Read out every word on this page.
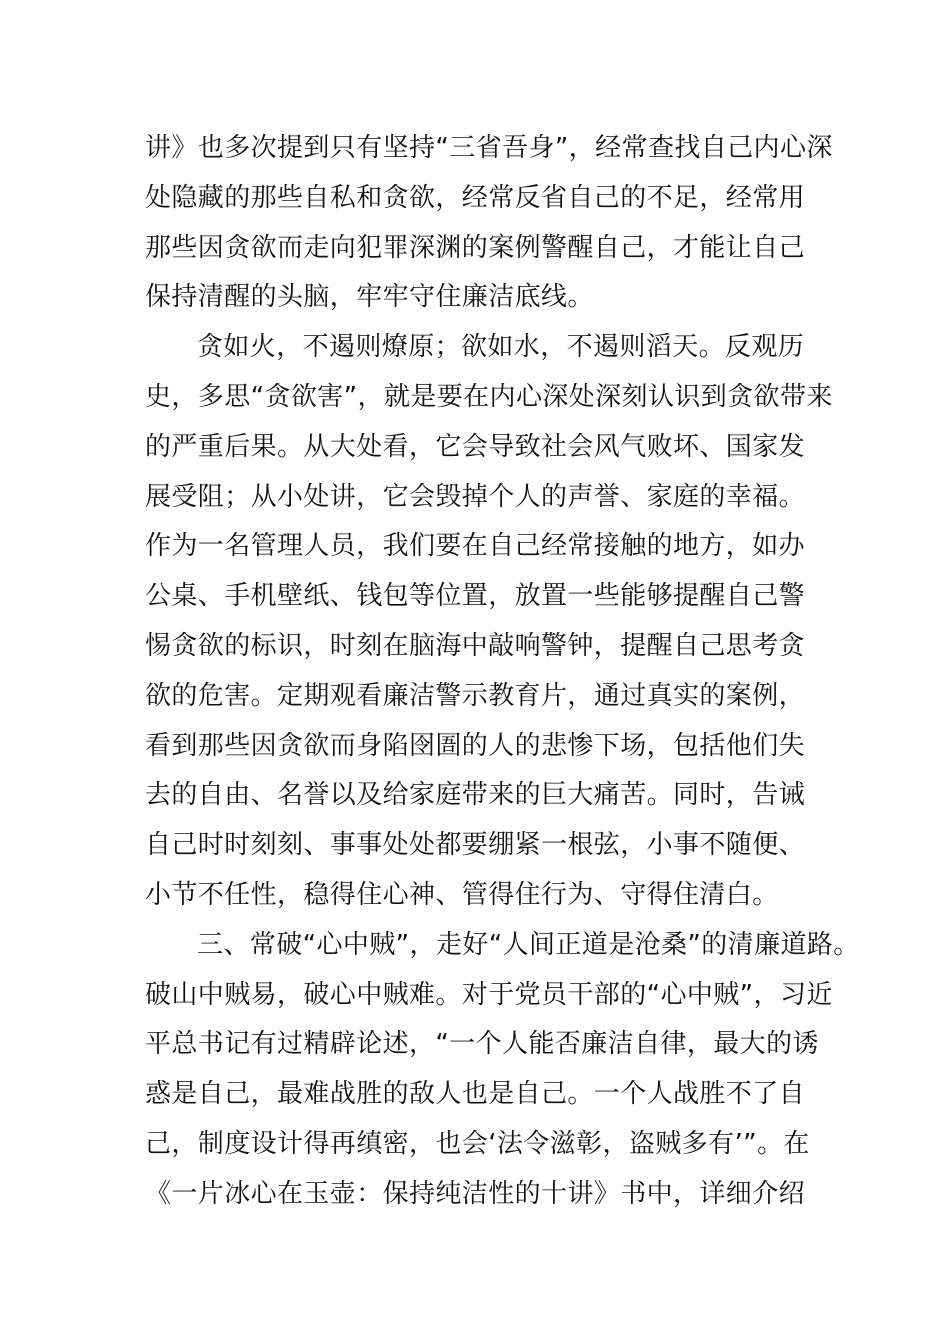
讲》也多次提到只有坚持“三省吾身”，经常查找自己内心深
处隐藏的那些自私和贪欲，经常反省自己的不足，经常用
那些因贪欲而走向犯罪深渊的案例警醒自己，才能让自己
保持清醒的头脑，牢牢守住廉洁底线。
贪如火，不遏则燎原；欲如水，不遏则滔天。反观历
史，多思“贪欲害”，就是要在内心深处深刻认识到贪欲带来
的严重后果。从大处看，它会导致社会风气败坏、国家发
展受阻；从小处讲，它会毁掉个人的声誉、家庭的幸福。
作为一名管理人员，我们要在自己经常接触的地方，如办
公桌、手机壁纸、钱包等位置，放置一些能够提醒自己警
惕贪欲的标识，时刻在脑海中敲响警钟，提醒自己思考贪
欲的危害。定期观看廉洁警示教育片，通过真实的案例，
看到那些因贪欲而身陷囹圄的人的悲惨下场，包括他们失
去的自由、名誉以及给家庭带来的巨大痛苦。同时，告诫
自己时时刻刻、事事处处都要绷紧一根弦，小事不随便、
小节不任性，稳得住心神、管得住行为、守得住清白。
三、常破“心中贼”，走好“人间正道是沧桑”的清廉道路。
破山中贼易，破心中贼难。对于党员干部的“心中贼”，习近
平总书记有过精辟论述，“一个人能否廉洁自律，最大的诱
惑是自己，最难战胜的敌人也是自己。一个人战胜不了自
己，制度设计得再缜密，也会‘法令滋彰，盗贼多有’”。在
《一片冰心在玉壶：保持纯洁性的十讲》书中，详细介绍
